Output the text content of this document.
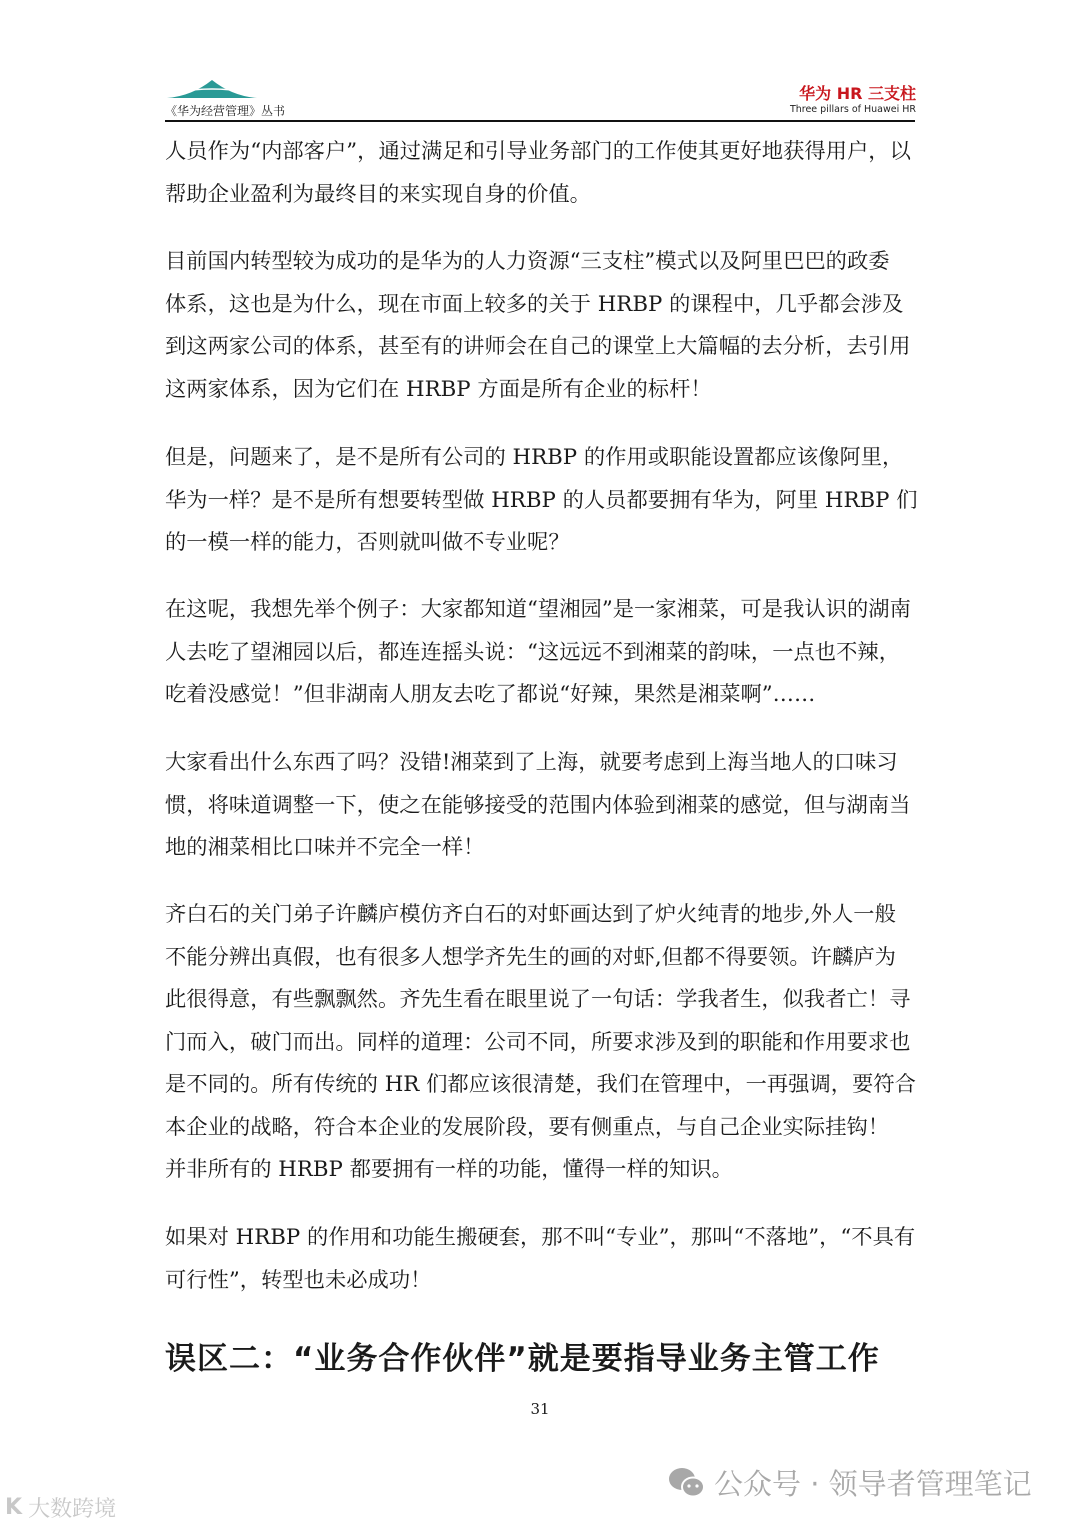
《华为经营管理》丛书
华为 HR 三支柱
Three pillars of Huawei HR
人员作为“内部客户”，通过满足和引导业务部门的工作使其更好地获得用户，以
帮助企业盈利为最终目的来实现自身的价值。
目前国内转型较为成功的是华为的人力资源“三支柱”模式以及阿里巴巴的政委
体系，这也是为什么，现在市面上较多的关于 HRBP 的课程中，几乎都会涉及
到这两家公司的体系，甚至有的讲师会在自己的课堂上大篇幅的去分析，去引用
这两家体系，因为它们在 HRBP 方面是所有企业的标杆！
但是，问题来了，是不是所有公司的 HRBP 的作用或职能设置都应该像阿里，
华为一样？是不是所有想要转型做 HRBP 的人员都要拥有华为，阿里 HRBP 们
的一模一样的能力，否则就叫做不专业呢？
在这呢，我想先举个例子：大家都知道“望湘园”是一家湘菜，可是我认识的湖南
人去吃了望湘园以后，都连连摇头说：“这远远不到湘菜的韵味，一点也不辣，
吃着没感觉！”但非湖南人朋友去吃了都说“好辣，果然是湘菜啊”……
大家看出什么东西了吗？没错!湘菜到了上海，就要考虑到上海当地人的口味习
惯，将味道调整一下，使之在能够接受的范围内体验到湘菜的感觉，但与湖南当
地的湘菜相比口味并不完全一样！
齐白石的关门弟子许麟庐模仿齐白石的对虾画达到了炉火纯青的地步,外人一般
不能分辨出真假，也有很多人想学齐先生的画的对虾,但都不得要领。许麟庐为
此很得意，有些飘飘然。齐先生看在眼里说了一句话：学我者生，似我者亡！寻
门而入，破门而出。同样的道理：公司不同，所要求涉及到的职能和作用要求也
是不同的。所有传统的 HR 们都应该很清楚，我们在管理中，一再强调，要符合
本企业的战略，符合本企业的发展阶段，要有侧重点，与自己企业实际挂钩！
并非所有的 HRBP 都要拥有一样的功能，懂得一样的知识。
如果对 HRBP 的作用和功能生搬硬套，那不叫“专业”，那叫“不落地”，“不具有
可行性”，转型也未必成功！
误区二：“业务合作伙伴”就是要指导业务主管工作
31
公众号 · 领导者管理笔记
K 大数跨境
